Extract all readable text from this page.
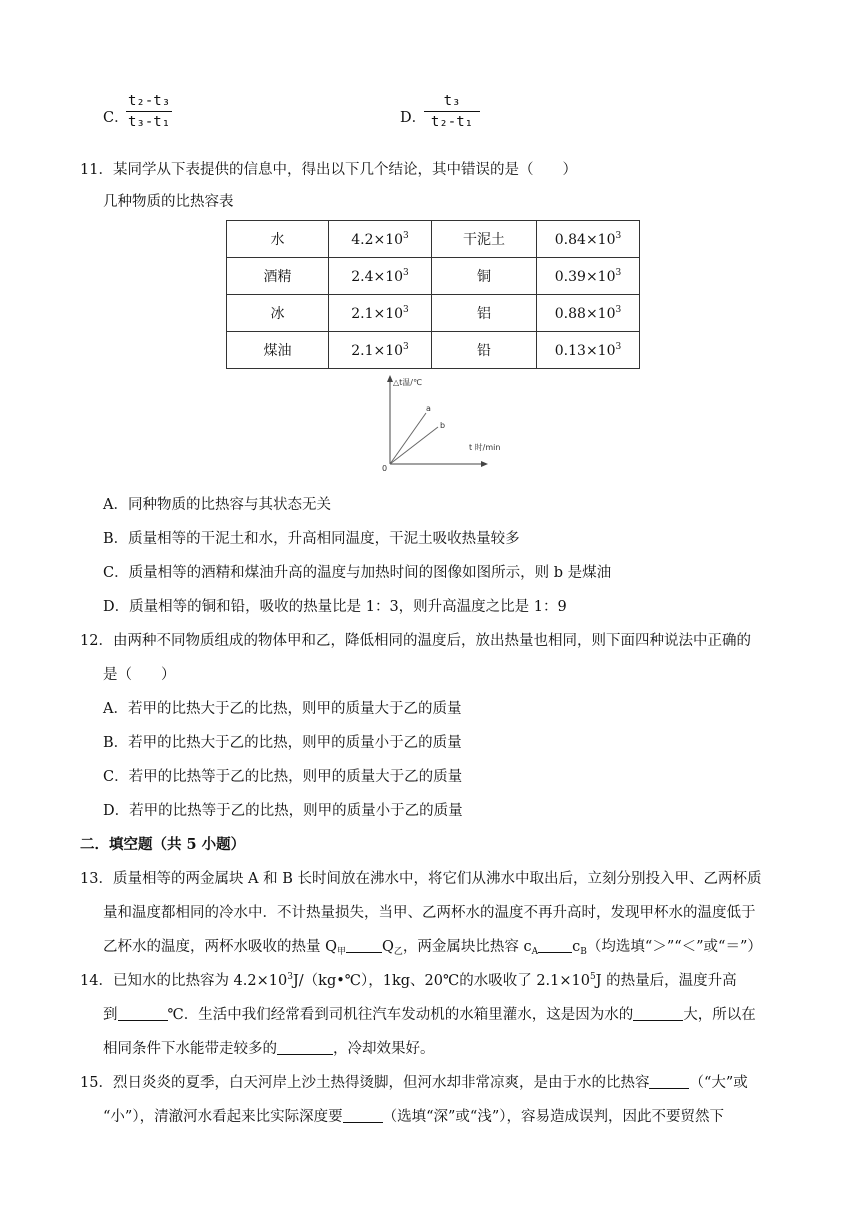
C．
$\frac{\text{t₂-t₃}}{\text{t₃-t₁}}$	D．
$\frac{\text{t₃}}{\text{t₂-t₁}}$
11．某同学从下表提供的信息中，得出以下几个结论，其中错误的是（　　）
几种物质的比热容表
水	$4.2\times 10^3$	干泥土	$0.84\times 10^3$
酒精	$2.4\times 10^3$	铜	$0.39\times 10^3$
冰	$2.1\times 10^3$	铝	$0.88\times 10^3$
煤油	$2.1\times 10^3$	铅	$0.13\times 10^3$
△t温/℃
t 时/min
0
a
b
A．同种物质的比热容与其状态无关
B．质量相等的干泥土和水，升高相同温度，干泥土吸收热量较多
C．质量相等的酒精和煤油升高的温度与加热时间的图像如图所示，则 b 是煤油
D．质量相等的铜和铅，吸收的热量比是 1：3，则升高温度之比是 1：9
12．由两种不同物质组成的物体甲和乙，降低相同的温度后，放出热量也相同，则下面四种说法中正确的
是（　　）
A．若甲的比热大于乙的比热，则甲的质量大于乙的质量
B．若甲的比热大于乙的比热，则甲的质量小于乙的质量
C．若甲的比热等于乙的比热，则甲的质量大于乙的质量
D．若甲的比热等于乙的比热，则甲的质量小于乙的质量
二．填空题（共 5 小题）
13．质量相等的两金属块 A 和 B 长时间放在沸水中，将它们从沸水中取出后，立刻分别投入甲、乙两杯质
量和温度都相同的冷水中．不计热量损失，当甲、乙两杯水的温度不再升高时，发现甲杯水的温度低于
乙杯水的温度，两杯水吸收的热量 $Q_甲$ $Q_乙$，两金属块比热容 $c_A$ $c_B$（均选填“＞”“＜”或“＝”）
14．已知水的比热容为 $4.2\times 10^3J/(kg•℃)$，1kg、20℃的水吸收了 $2.1\times 10^5J$ 的热量后，温度升高
到	℃．生活中我们经常看到司机往汽车发动机的水箱里灌水，这是因为水的	大，所以在
相同条件下水能带走较多的	，冷却效果好。
15．烈日炎炎的夏季，白天河岸上沙土热得烫脚，但河水却非常凉爽，是由于水的比热容	（“大”或
“小”），清澈河水看起来比实际深度要	（选填“深”或“浅”），容易造成误判，因此不要贸然下
